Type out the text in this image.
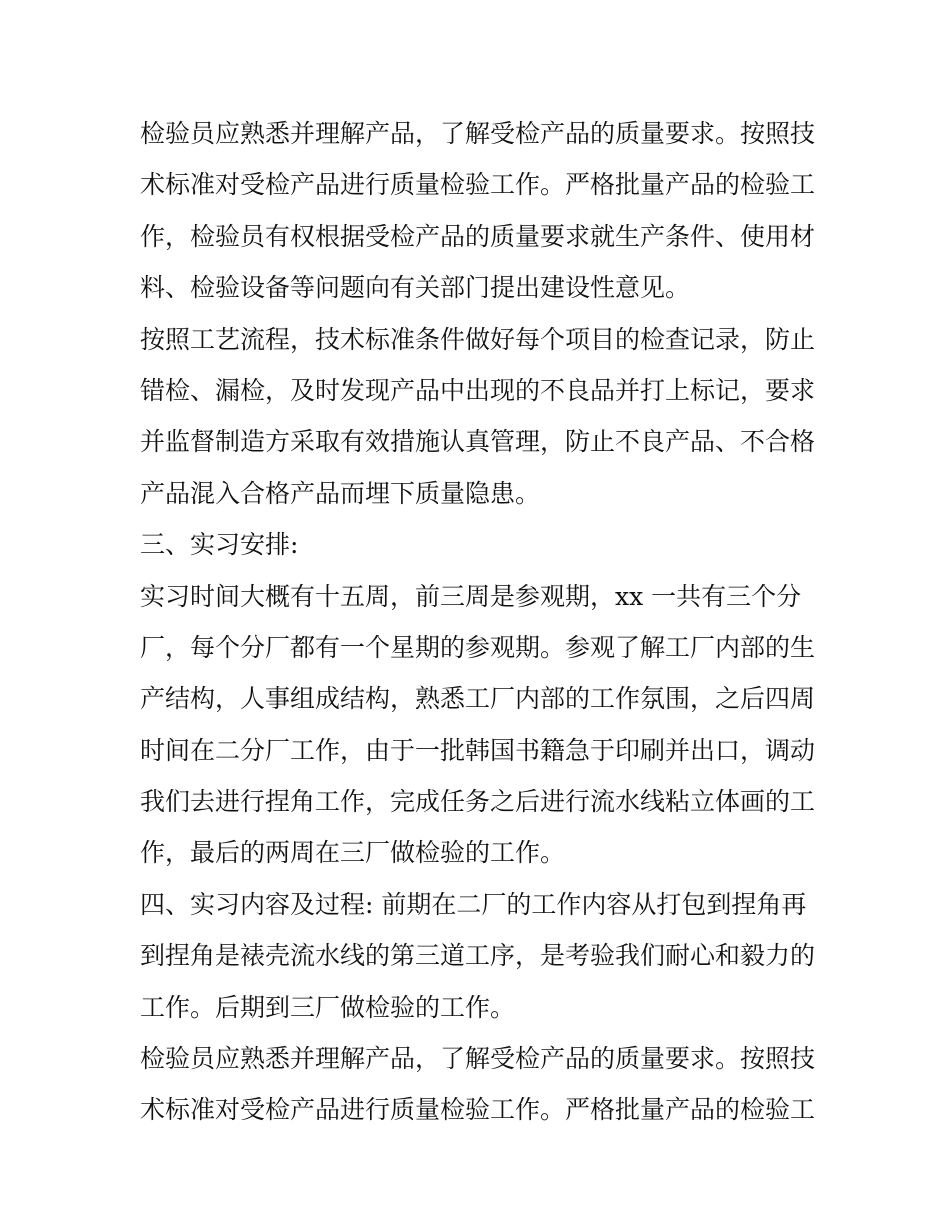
检验员应熟悉并理解产品，了解受检产品的质量要求。按照技
术标准对受检产品进行质量检验工作。严格批量产品的检验工
作，检验员有权根据受检产品的质量要求就生产条件、使用材
料、检验设备等问题向有关部门提出建设性意见。
按照工艺流程，技术标准条件做好每个项目的检查记录，防止
错检、漏检，及时发现产品中出现的不良品并打上标记，要求
并监督制造方采取有效措施认真管理，防止不良产品、不合格
产品混入合格产品而埋下质量隐患。
三、实习安排:
实习时间大概有十五周，前三周是参观期，xx 一共有三个分
厂，每个分厂都有一个星期的参观期。参观了解工厂内部的生
产结构，人事组成结构，熟悉工厂内部的工作氛围，之后四周
时间在二分厂工作，由于一批韩国书籍急于印刷并出口，调动
我们去进行捏角工作，完成任务之后进行流水线粘立体画的工
作，最后的两周在三厂做检验的工作。
四、实习内容及过程: 前期在二厂的工作内容从打包到捏角再
到捏角是裱壳流水线的第三道工序，是考验我们耐心和毅力的
工作。后期到三厂做检验的工作。
检验员应熟悉并理解产品，了解受检产品的质量要求。按照技
术标准对受检产品进行质量检验工作。严格批量产品的检验工
